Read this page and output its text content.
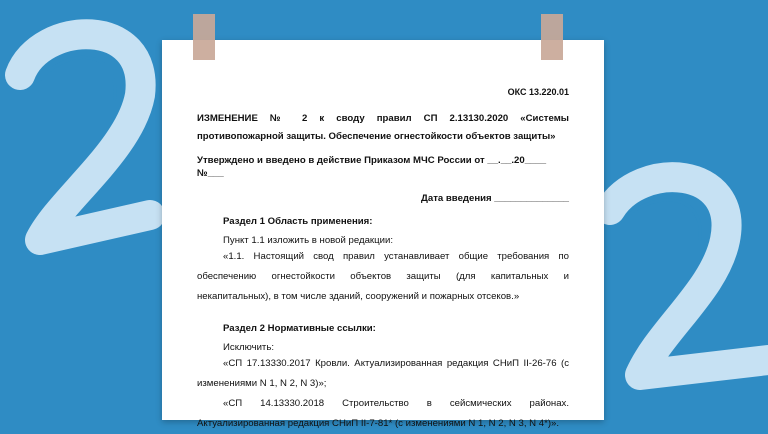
ОКС 13.220.01

ИЗМЕНЕНИЕ № 2 к своду правил СП 2.13130.2020 «Системы противопожарной защиты. Обеспечение огнестойкости объектов защиты»

Утверждено и введено в действие Приказом МЧС России от __.__.20____ №___

Дата введения ______________

Раздел 1 Область применения:

Пункт 1.1 изложить в новой редакции:

«1.1. Настоящий свод правил устанавливает общие требования по обеспечению огнестойкости объектов защиты (для капитальных и некапитальных), в том числе зданий, сооружений и пожарных отсеков.»

Раздел 2 Нормативные ссылки:

Исключить:

«СП 17.13330.2017 Кровли. Актуализированная редакция СНиП II-26-76 (с изменениями N 1, N 2, N 3)»;

«СП 14.13330.2018 Строительство в сейсмических районах. Актуализированная редакция СНиП II-7-81* (с изменениями N 1, N 2, N 3, N 4*)».
